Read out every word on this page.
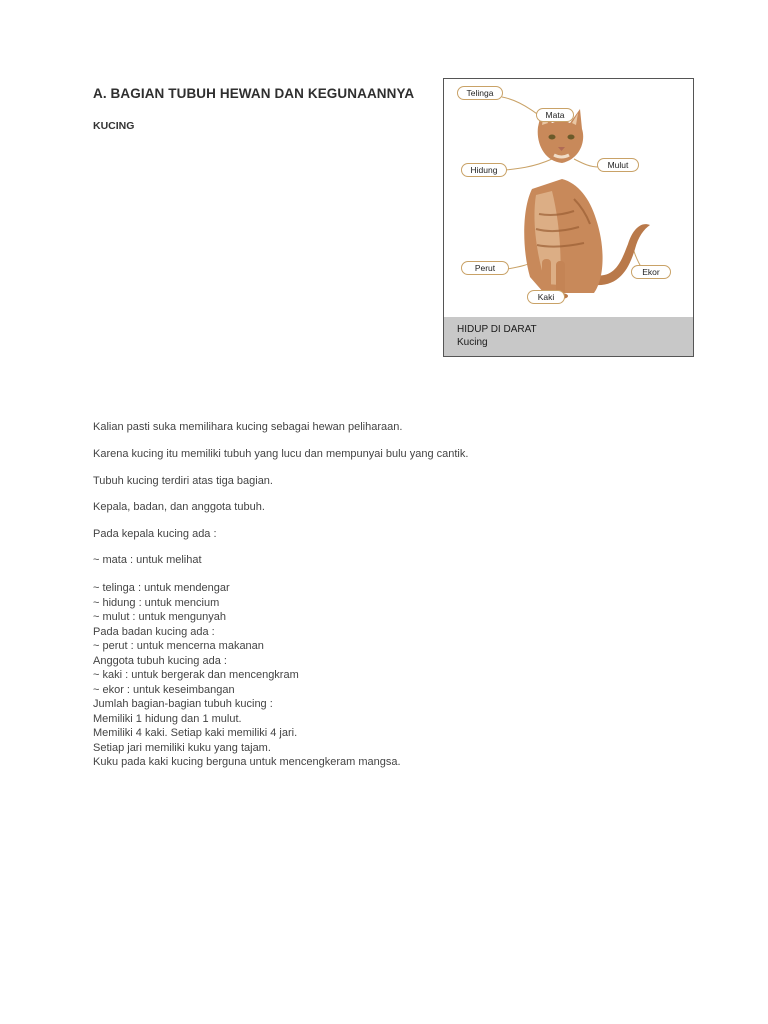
A. BAGIAN TUBUH HEWAN DAN KEGUNAANNYA
KUCING
Telinga
Mata
Hidung	Mulut
Perut	Ekor
Kaki
HIDUP DI DARAT
Kucing
Kalian pasti suka memilihara kucing sebagai hewan peliharaan.
Karena kucing itu memiliki tubuh yang lucu dan mempunyai bulu yang cantik.
Tubuh kucing terdiri atas tiga bagian.
Kepala, badan, dan anggota tubuh.
Pada kepala kucing ada :
~ mata : untuk melihat
~ telinga : untuk mendengar
~ hidung : untuk mencium
~ mulut : untuk mengunyah
Pada badan kucing ada :
~ perut : untuk mencerna makanan
Anggota tubuh kucing ada :
~ kaki : untuk bergerak dan mencengkram
~ ekor : untuk keseimbangan
Jumlah bagian-bagian tubuh kucing :
Memiliki 1 hidung dan 1 mulut.
Memiliki 4 kaki. Setiap kaki memiliki 4 jari.
Setiap jari memiliki kuku yang tajam.
Kuku pada kaki kucing berguna untuk mencengkeram mangsa.
